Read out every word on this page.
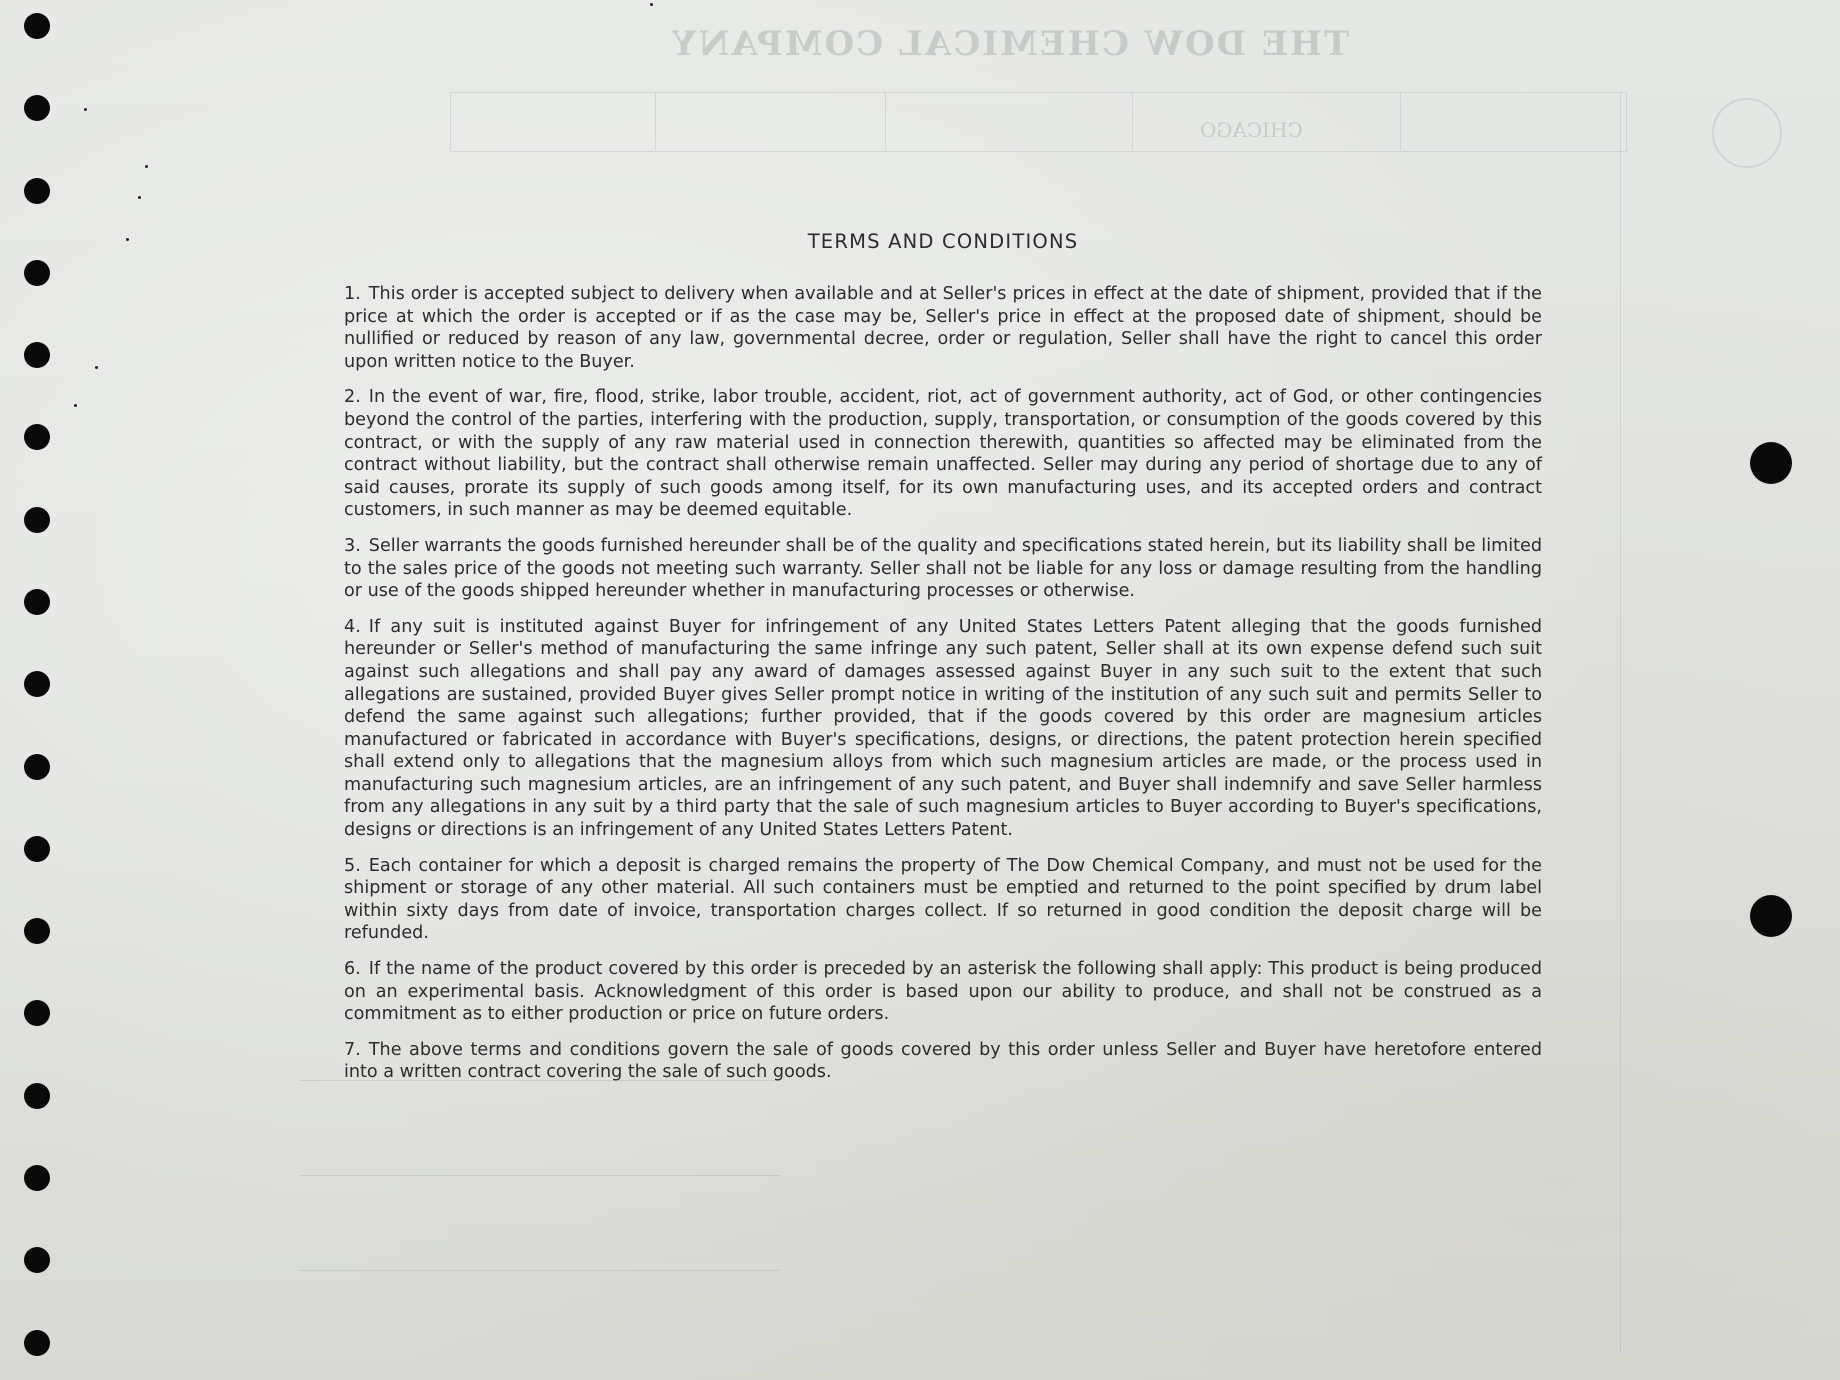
THE DOW CHEMICAL COMPANY
CHICAGO
TERMS AND CONDITIONS

1. This order is accepted subject to delivery when available and at Seller's prices in effect at the date of shipment, provided that if the price at which the order is accepted or if as the case may be, Seller's price in effect at the proposed date of shipment, should be nullified or reduced by reason of any law, governmental decree, order or regulation, Seller shall have the right to cancel this order upon written notice to the Buyer.

2. In the event of war, fire, flood, strike, labor trouble, accident, riot, act of government authority, act of God, or other contingencies beyond the control of the parties, interfering with the production, supply, transportation, or consumption of the goods covered by this contract, or with the supply of any raw material used in connection therewith, quantities so affected may be eliminated from the contract without liability, but the contract shall otherwise remain unaffected. Seller may during any period of shortage due to any of said causes, prorate its supply of such goods among itself, for its own manufacturing uses, and its accepted orders and contract customers, in such manner as may be deemed equitable.

3. Seller warrants the goods furnished hereunder shall be of the quality and specifications stated herein, but its liability shall be limited to the sales price of the goods not meeting such warranty. Seller shall not be liable for any loss or damage resulting from the handling or use of the goods shipped hereunder whether in manufacturing processes or otherwise.

4. If any suit is instituted against Buyer for infringement of any United States Letters Patent alleging that the goods furnished hereunder or Seller's method of manufacturing the same infringe any such patent, Seller shall at its own expense defend such suit against such allegations and shall pay any award of damages assessed against Buyer in any such suit to the extent that such allegations are sustained, provided Buyer gives Seller prompt notice in writing of the institution of any such suit and permits Seller to defend the same against such allegations; further provided, that if the goods covered by this order are magnesium articles manufactured or fabricated in accordance with Buyer's specifications, designs, or directions, the patent protection herein specified shall extend only to allegations that the magnesium alloys from which such magnesium articles are made, or the process used in manufacturing such magnesium articles, are an infringement of any such patent, and Buyer shall indemnify and save Seller harmless from any allegations in any suit by a third party that the sale of such magnesium articles to Buyer according to Buyer's specifications, designs or directions is an infringement of any United States Letters Patent.

5. Each container for which a deposit is charged remains the property of The Dow Chemical Company, and must not be used for the shipment or storage of any other material. All such containers must be emptied and returned to the point specified by drum label within sixty days from date of invoice, transportation charges collect. If so returned in good condition the deposit charge will be refunded.

6. If the name of the product covered by this order is preceded by an asterisk the following shall apply: This product is being produced on an experimental basis. Acknowledgment of this order is based upon our ability to produce, and shall not be construed as a commitment as to either production or price on future orders.

7. The above terms and conditions govern the sale of goods covered by this order unless Seller and Buyer have heretofore entered into a written contract covering the sale of such goods.
